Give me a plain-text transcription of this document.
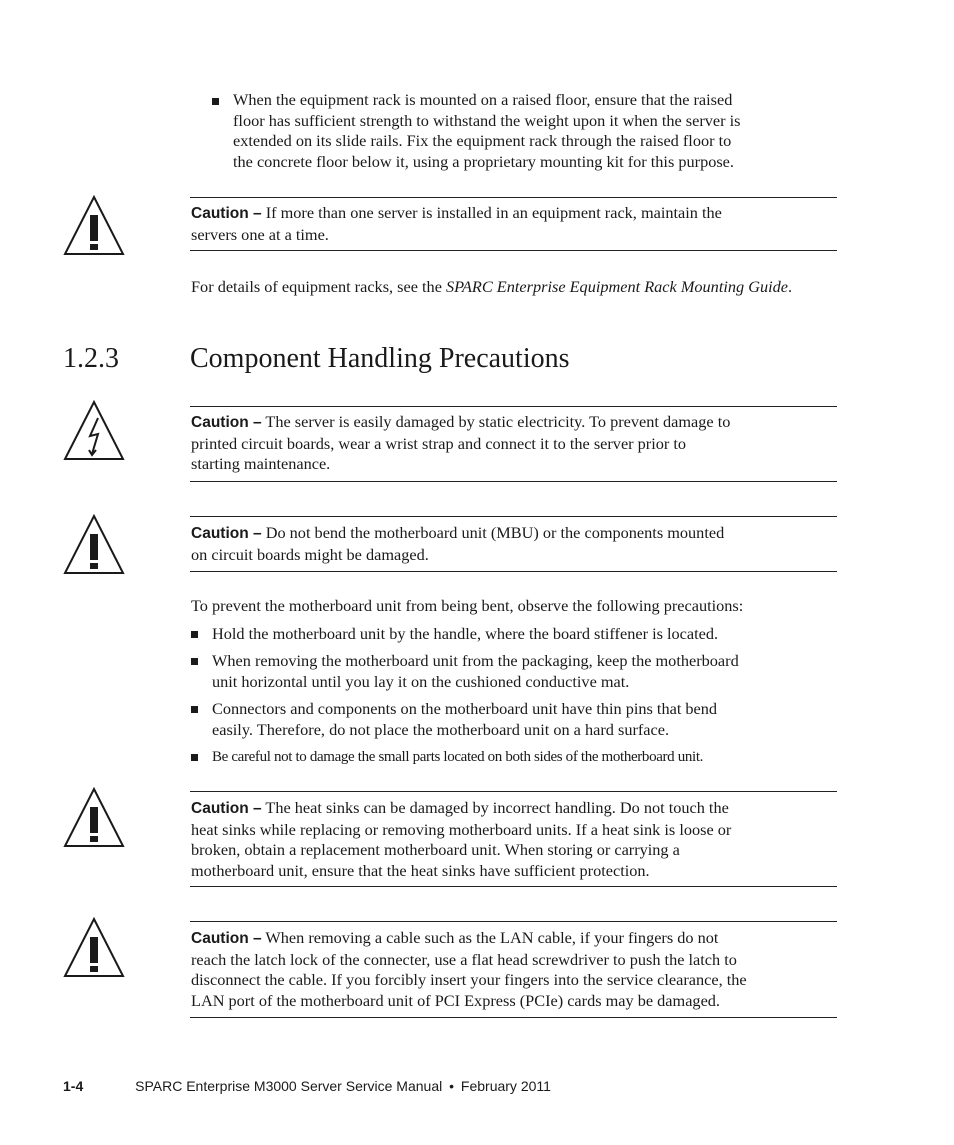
When the equipment rack is mounted on a raised floor, ensure that the raised
floor has sufficient strength to withstand the weight upon it when the server is
extended on its slide rails. Fix the equipment rack through the raised floor to
the concrete floor below it, using a proprietary mounting kit for this purpose.
Caution – If more than one server is installed in an equipment rack, maintain the
servers one at a time.
For details of equipment racks, see the SPARC Enterprise Equipment Rack Mounting Guide.
1.2.3	Component Handling Precautions
Caution – The server is easily damaged by static electricity. To prevent damage to
printed circuit boards, wear a wrist strap and connect it to the server prior to
starting maintenance.
Caution – Do not bend the motherboard unit (MBU) or the components mounted
on circuit boards might be damaged.
To prevent the motherboard unit from being bent, observe the following precautions:
Hold the motherboard unit by the handle, where the board stiffener is located.
When removing the motherboard unit from the packaging, keep the motherboard
unit horizontal until you lay it on the cushioned conductive mat.
Connectors and components on the motherboard unit have thin pins that bend
easily. Therefore, do not place the motherboard unit on a hard surface.
Be careful not to damage the small parts located on both sides of the motherboard unit.
Caution – The heat sinks can be damaged by incorrect handling. Do not touch the
heat sinks while replacing or removing motherboard units. If a heat sink is loose or
broken, obtain a replacement motherboard unit. When storing or carrying a
motherboard unit, ensure that the heat sinks have sufficient protection.
Caution – When removing a cable such as the LAN cable, if your fingers do not
reach the latch lock of the connecter, use a flat head screwdriver to push the latch to
disconnect the cable. If you forcibly insert your fingers into the service clearance, the
LAN port of the motherboard unit of PCI Express (PCIe) cards may be damaged.
1-4	SPARC Enterprise M3000 Server Service Manual • February 2011
